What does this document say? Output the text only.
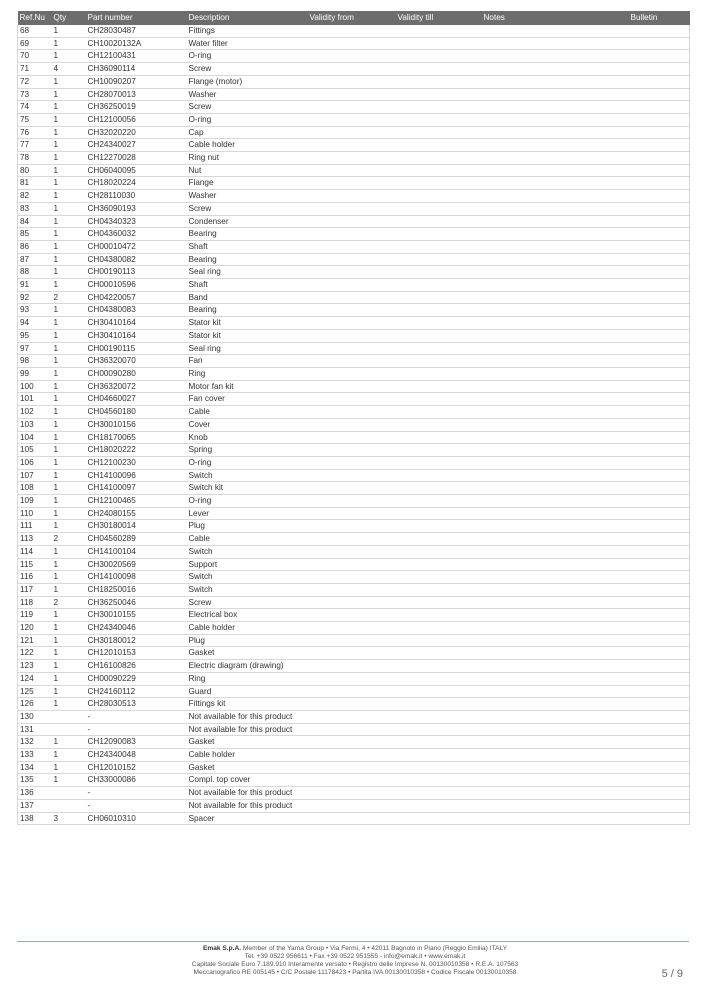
Ref.Nu	Qty	Part number	Description	Validity from	Validity till	Notes	Bulletin
68	1	CH28030487	Fittings				
69	1	CH10020132A	Water filter				
70	1	CH12100431	O-ring				
71	4	CH36090114	Screw				
72	1	CH10090207	Flange (motor)				
73	1	CH28070013	Washer				
74	1	CH36250019	Screw				
75	1	CH12100056	O-ring				
76	1	CH32020220	Cap				
77	1	CH24340027	Cable holder				
78	1	CH12270028	Ring nut				
80	1	CH06040095	Nut				
81	1	CH18020224	Flange				
82	1	CH28110030	Washer				
83	1	CH36090193	Screw				
84	1	CH04340323	Condenser				
85	1	CH04360032	Bearing				
86	1	CH00010472	Shaft				
87	1	CH04380082	Bearing				
88	1	CH00190113	Seal ring				
91	1	CH00010596	Shaft				
92	2	CH04220057	Band				
93	1	CH04380083	Bearing				
94	1	CH30410164	Stator kit				
95	1	CH30410164	Stator kit				
97	1	CH00190115	Seal ring				
98	1	CH36320070	Fan				
99	1	CH00090280	Ring				
100	1	CH36320072	Motor fan kit				
101	1	CH04660027	Fan cover				
102	1	CH04560180	Cable				
103	1	CH30010156	Cover				
104	1	CH18170065	Knob				
105	1	CH18020222	Spring				
106	1	CH12100230	O-ring				
107	1	CH14100096	Switch				
108	1	CH14100097	Switch kit				
109	1	CH12100465	O-ring				
110	1	CH24080155	Lever				
111	1	CH30180014	Plug				
113	2	CH04560289	Cable				
114	1	CH14100104	Switch				
115	1	CH30020569	Support				
116	1	CH14100098	Switch				
117	1	CH18250016	Switch				
118	2	CH36250046	Screw				
119	1	CH30010155	Electrical box				
120	1	CH24340046	Cable holder				
121	1	CH30180012	Plug				
122	1	CH12010153	Gasket				
123	1	CH16100826	Electric diagram (drawing)				
124	1	CH00090229	Ring				
125	1	CH24160112	Guard				
126	1	CH28030513	Fittings kit				
130		-	Not available for this product				
131		-	Not available for this product				
132	1	CH12090083	Gasket				
133	1	CH24340048	Cable holder				
134	1	CH12010152	Gasket				
135	1	CH33000086	Compl. top cover				
136		-	Not available for this product				
137		-	Not available for this product				
138	3	CH06010310	Spacer				
Emak S.p.A. Member of the Yama Group • Via Fermi, 4 • 42011 Bagnolo in Piano (Reggio Emilia) ITALY
Tel. +39 0522 956611 • Fax +39 0522 951555 - info@emak.it • www.emak.it
Capitale Sociale Euro 7.189.910 Interamente versato • Registro delle Imprese N. 00130010358 • R.E.A. 107563
Meccanografico RE 005145 • C/C Postale 11178423 • Partita IVA 00130010358 • Codice Fiscale 00130010358	5 / 9
